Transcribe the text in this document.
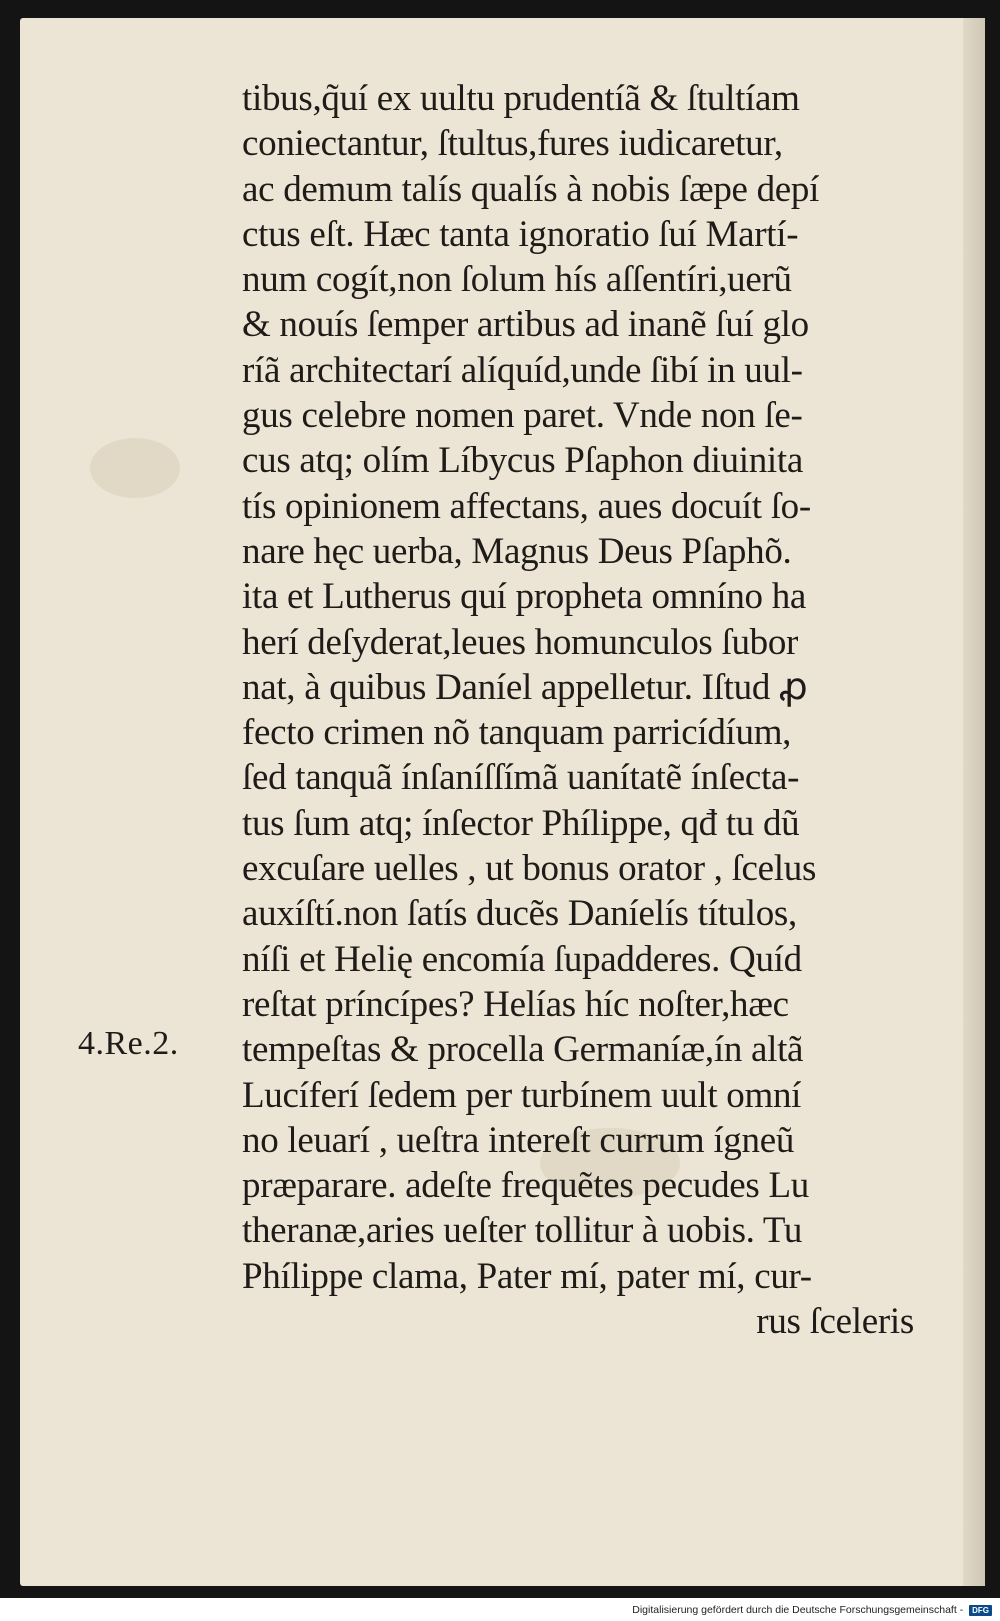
4.Re.2.
tibus,q̃uí ex uultu prudentíã & ſtultíam
coniectantur, ſtultus,fures iudicaretur,
ac demum talís qualís à nobis ſæpe depí
ctus eſt. Hæc tanta ignoratio ſuí Martí-
num cogít,non ſolum hís aſſentíri,uerũ
& nouís ſemper artibus ad inanẽ ſuí glo
ríã architectarí alíquíd,unde ſibí in uul-
gus celebre nomen paret. Vnde non ſe-
cus atq; olím Líbycus Pſaphon diuinita
tís opinionem affectans, aues docuít ſo-
nare hęc uerba, Magnus Deus Pſaphõ.
ita et Lutherus quí propheta omníno ha
herí deſyderat,leues homunculos ſubor
nat, à quibus Daníel appelletur. Iſtud ꝓ
fecto crimen nõ tanquam parricídíum,
ſed tanquã ínſaníſſímã uanítatẽ ínſecta-
tus ſum atq; ínſector Phílippe, qđ tu dũ
excuſare uelles , ut bonus orator , ſcelus
auxíſtí.non ſatís ducẽs Daníelís títulos,
níſi et Helię encomía ſupadderes. Quíd
reſtat príncípes? Helías híc noſter,hæc
tempeſtas & procella Germaníæ,ín altã
Lucíferí ſedem per turbínem uult omní
no leuarí , ueſtra intereſt currum ígneũ
præparare. adeſte frequẽtes pecudes Lu
theranæ,aries ueſter tollitur à uobis. Tu
Phílippe clama, Pater mí, pater mí, cur-
rus ſceleris
Digitalisierung gefördert durch die Deutsche Forschungsgemeinschaft - DFG
